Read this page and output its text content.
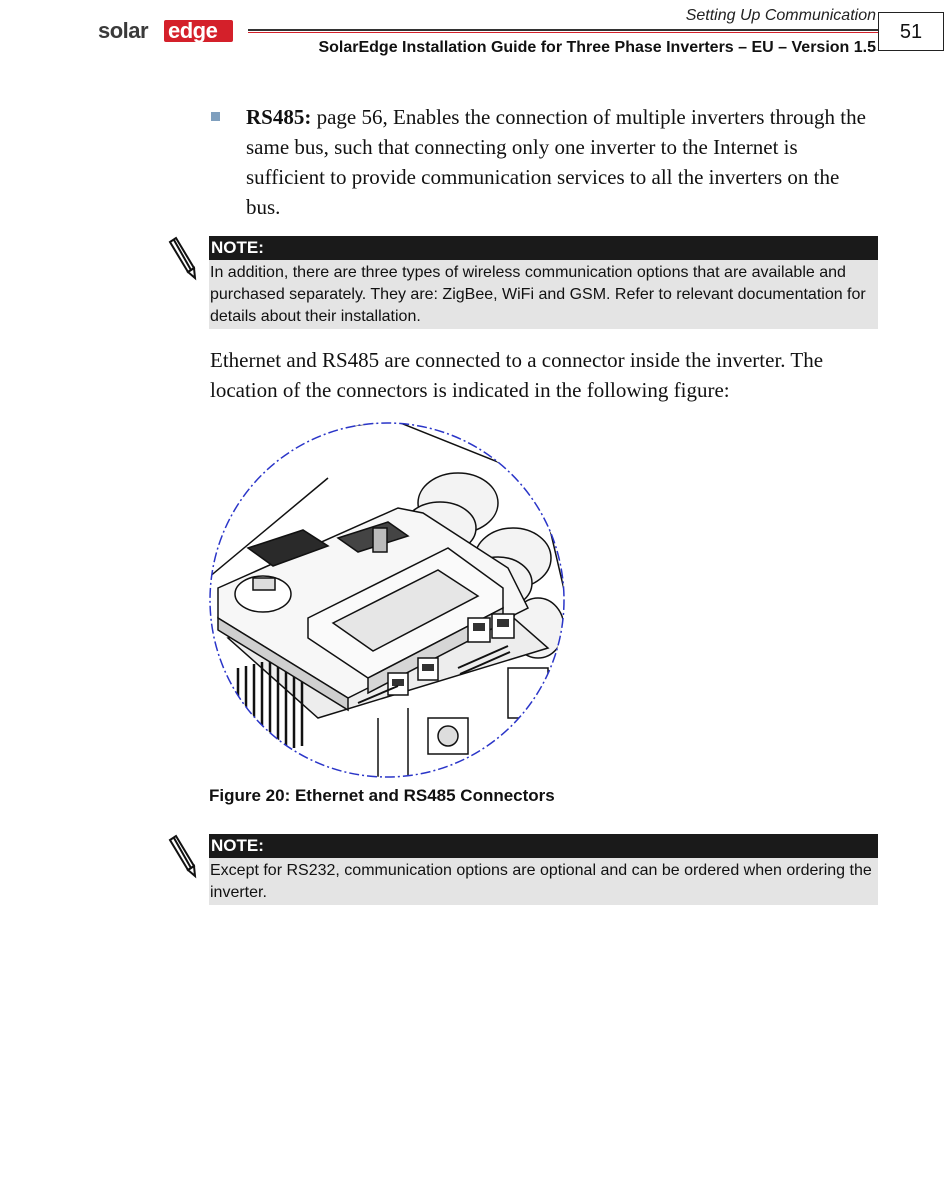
solar edge
Setting Up Communication
SolarEdge Installation Guide for Three Phase Inverters – EU – Version 1.5
51
RS485: page 56, Enables the connection of multiple inverters through the same bus, such that connecting only one inverter to the Internet is sufficient to provide communication services to all the inverters on the bus.
NOTE:
In addition, there are three types of wireless communication options that are available and purchased separately. They are: ZigBee, WiFi and GSM. Refer to relevant documentation for details about their installation.
Ethernet and RS485 are connected to a connector inside the inverter. The location of the connectors is indicated in the following figure:
Figure 20: Ethernet and RS485 Connectors
NOTE:
Except for RS232, communication options are optional and can be ordered when ordering the inverter.
